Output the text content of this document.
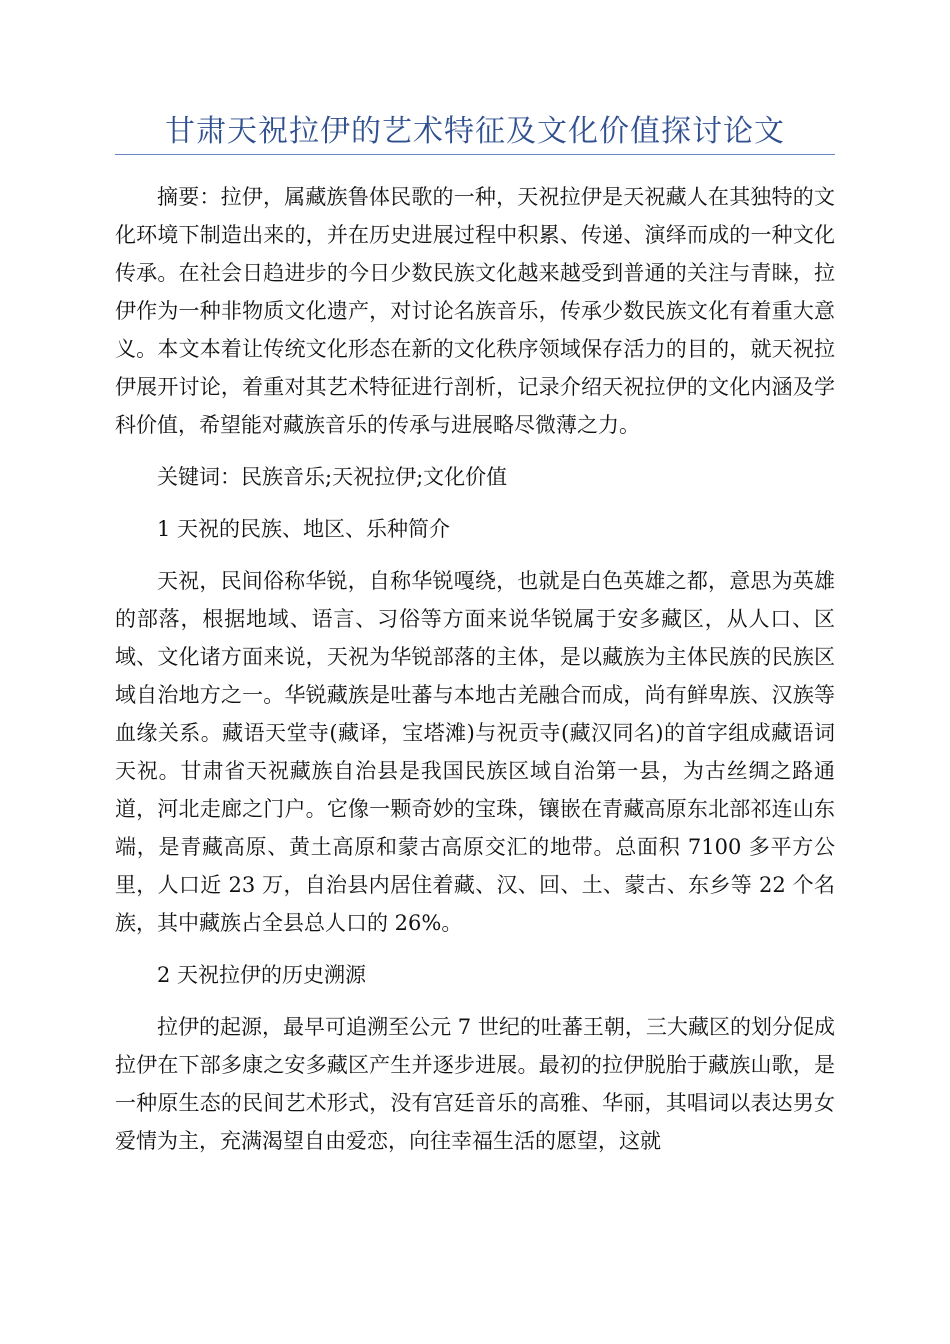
甘肃天祝拉伊的艺术特征及文化价值探讨论文

摘要：拉伊，属藏族鲁体民歌的一种，天祝拉伊是天祝藏人在其独特的文化环境下制造出来的，并在历史进展过程中积累、传递、演绎而成的一种文化传承。在社会日趋进步的今日少数民族文化越来越受到普通的关注与青睐，拉伊作为一种非物质文化遗产，对讨论名族音乐，传承少数民族文化有着重大意义。本文本着让传统文化形态在新的文化秩序领域保存活力的目的，就天祝拉伊展开讨论，着重对其艺术特征进行剖析，记录介绍天祝拉伊的文化内涵及学科价值，希望能对藏族音乐的传承与进展略尽微薄之力。

关键词：民族音乐;天祝拉伊;文化价值

1 天祝的民族、地区、乐种简介

天祝，民间俗称华锐，自称华锐嘎绕，也就是白色英雄之都，意思为英雄的部落，根据地域、语言、习俗等方面来说华锐属于安多藏区，从人口、区域、文化诸方面来说，天祝为华锐部落的主体，是以藏族为主体民族的民族区域自治地方之一。华锐藏族是吐蕃与本地古羌融合而成，尚有鲜卑族、汉族等血缘关系。藏语天堂寺(藏译，宝塔滩)与祝贡寺(藏汉同名)的首字组成藏语词天祝。甘肃省天祝藏族自治县是我国民族区域自治第一县，为古丝绸之路通道，河北走廊之门户。它像一颗奇妙的宝珠，镶嵌在青藏高原东北部祁连山东端，是青藏高原、黄土高原和蒙古高原交汇的地带。总面积 7100 多平方公里，人口近 23 万，自治县内居住着藏、汉、回、土、蒙古、东乡等 22 个名族，其中藏族占全县总人口的 26%。

2 天祝拉伊的历史溯源

拉伊的起源，最早可追溯至公元 7 世纪的吐蕃王朝，三大藏区的划分促成拉伊在下部多康之安多藏区产生并逐步进展。最初的拉伊脱胎于藏族山歌，是一种原生态的民间艺术形式，没有宫廷音乐的高雅、华丽，其唱词以表达男女爱情为主，充满渴望自由爱恋，向往幸福生活的愿望，这就
